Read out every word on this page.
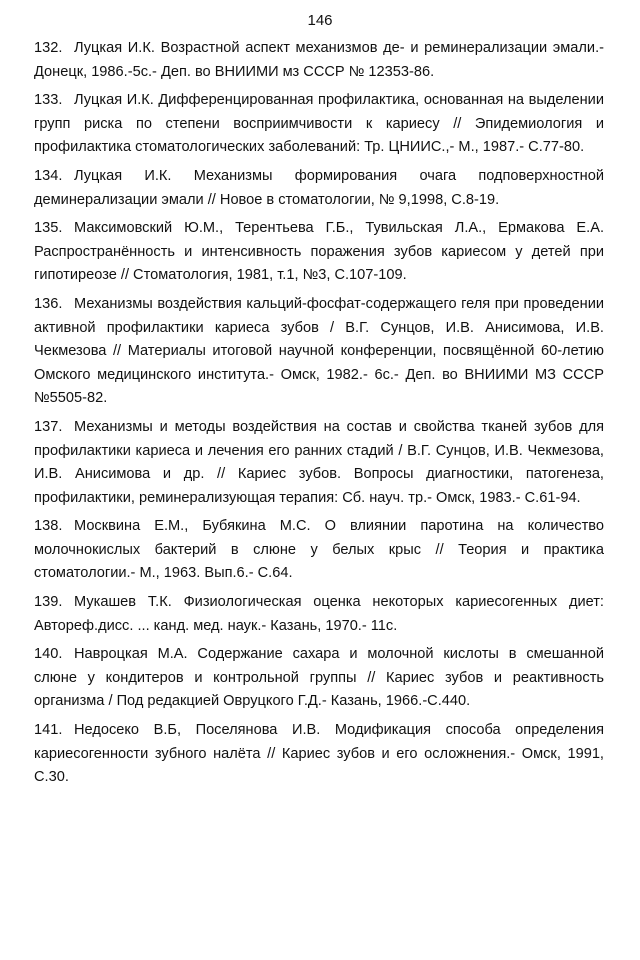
146

132. Луцкая И.К. Возрастной аспект механизмов де- и реминерализации эмали.- Донецк, 1986.-5с.- Деп. во ВНИИМИ мз СССР № 12353-86.

133. Луцкая И.К. Дифференцированная профилактика, основанная на выделении групп риска по степени восприимчивости к кариесу // Эпидемиология и профилактика стоматологических заболеваний: Тр. ЦНИИС.,- М., 1987.- С.77-80.

134. Луцкая И.К. Механизмы формирования очага подповерхностной деминерализации эмали // Новое в стоматологии, № 9,1998, С.8-19.

135. Максимовский Ю.М., Терентьева Г.Б., Тувильская Л.А., Ермакова Е.А. Распространённость и интенсивность поражения зубов кариесом у детей при гипотиреозе // Стоматология, 1981, т.1, №3, С.107-109.

136. Механизмы воздействия кальций-фосфат-содержащего геля при проведении активной профилактики кариеса зубов / В.Г. Сунцов, И.В. Анисимова, И.В. Чекмезова // Материалы итоговой научной конференции, посвящённой 60-летию Омского медицинского института.- Омск, 1982.- 6с.- Деп. во ВНИИМИ МЗ СССР №5505-82.

137. Механизмы и методы воздействия на состав и свойства тканей зубов для профилактики кариеса и лечения его ранних стадий / В.Г. Сунцов, И.В. Чекмезова, И.В. Анисимова и др. // Кариес зубов. Вопросы диагностики, патогенеза, профилактики, реминерализующая терапия: Сб. науч. тр.- Омск, 1983.- С.61-94.

138. Москвина Е.М., Бубякина М.С. О влиянии паротина на количество молочнокислых бактерий в слюне у белых крыс // Теория и практика стоматологии.- М., 1963. Вып.6.- С.64.

139. Мукашев Т.К. Физиологическая оценка некоторых кариесогенных диет: Автореф.дисс. ... канд. мед. наук.- Казань, 1970.- 11с.

140. Навроцкая М.А. Содержание сахара и молочной кислоты в смешанной слюне у кондитеров и контрольной группы // Кариес зубов и реактивность организма / Под редакцией Овруцкого Г.Д.- Казань, 1966.-С.440.

141. Недосеко В.Б, Поселянова И.В. Модификация способа определения кариесогенности зубного налёта // Кариес зубов и его осложнения.- Омск, 1991, С.30.
